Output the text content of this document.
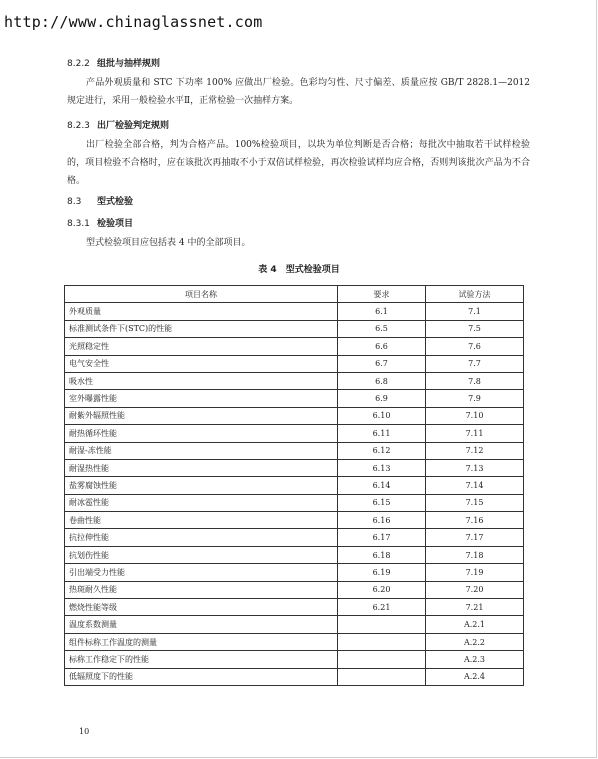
http://www.chinaglassnet.com
8.2.2 组批与抽样规则

产品外观质量和 STC 下功率 100% 应做出厂检验。色彩均匀性、尺寸偏差、质量应按 GB/T 2828.1—2012 规定进行，采用一般检验水平Ⅱ，正常检验一次抽样方案。

8.2.3 出厂检验判定规则

出厂检验全部合格，判为合格产品。100%检验项目，以块为单位判断是否合格；每批次中抽取若干试样检验的，项目检验不合格时，应在该批次再抽取不小于双倍试样检验，再次检验试样均应合格，否则判该批次产品为不合格。

8.3 型式检验
8.3.1 检验项目

型式检验项目应包括表 4 中的全部项目。

表 4　型式检验项目
项目名称	要求	试验方法
外观质量	6.1	7.1
标准测试条件下(STC)的性能	6.5	7.5
光照稳定性	6.6	7.6
电气安全性	6.7	7.7
吸水性	6.8	7.8
室外曝露性能	6.9	7.9
耐紫外辐照性能	6.10	7.10
耐热循环性能	6.11	7.11
耐湿-冻性能	6.12	7.12
耐湿热性能	6.13	7.13
盐雾腐蚀性能	6.14	7.14
耐冰雹性能	6.15	7.15
卷曲性能	6.16	7.16
抗拉伸性能	6.17	7.17
抗划伤性能	6.18	7.18
引出端受力性能	6.19	7.19
热斑耐久性能	6.20	7.20
燃烧性能等级	6.21	7.21
温度系数测量		A.2.1
组件标称工作温度的测量		A.2.2
标称工作稳定下的性能		A.2.3
低辐照度下的性能		A.2.4
10
